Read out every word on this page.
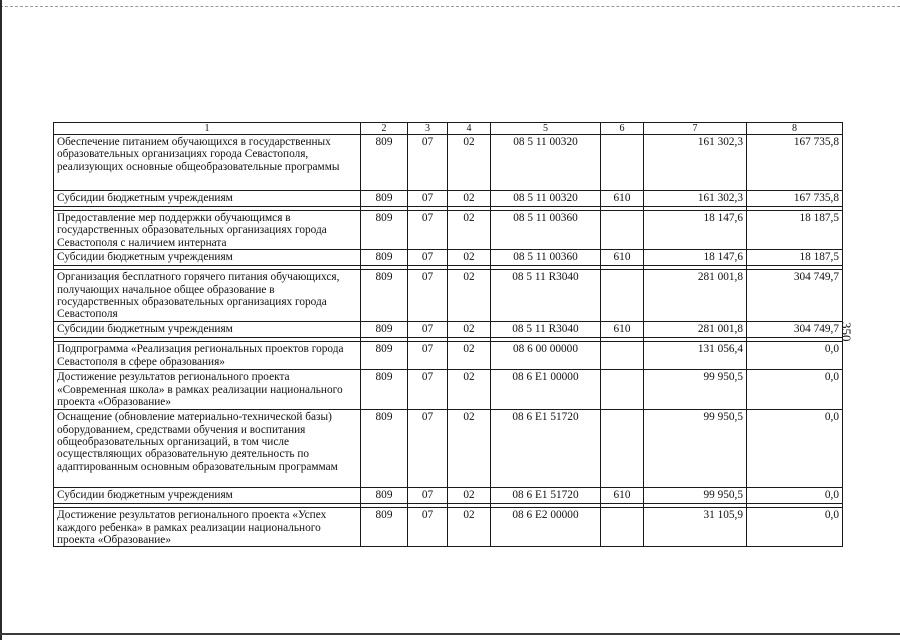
350
1	2	3	4	5	6	7	8
Обеспечение питанием обучающихся в государственных образовательных организациях города Севастополя, реализующих основные общеобразовательные программы	809	07	02	08 5 11 00320		161 302,3	167 735,8
Субсидии бюджетным учреждениям	809	07	02	08 5 11 00320	610	161 302,3	167 735,8

Предоставление мер поддержки обучающимся в государственных образовательных организациях города Севастополя с наличием интерната	809	07	02	08 5 11 00360		18 147,6	18 187,5
Субсидии бюджетным учреждениям	809	07	02	08 5 11 00360	610	18 147,6	18 187,5

Организация бесплатного горячего питания обучающихся, получающих начальное общее образование в государственных образовательных организациях города Севастополя	809	07	02	08 5 11 R3040		281 001,8	304 749,7
Субсидии бюджетным учреждениям	809	07	02	08 5 11 R3040	610	281 001,8	304 749,7

Подпрограмма «Реализация региональных проектов города Севастополя в сфере образования»	809	07	02	08 6 00 00000		131 056,4	0,0
Достижение результатов регионального проекта «Современная школа» в рамках реализации национального проекта «Образование»	809	07	02	08 6 E1 00000		99 950,5	0,0
Оснащение (обновление материально-технической базы) оборудованием, средствами обучения и воспитания общеобразовательных организаций, в том числе осуществляющих образовательную деятельность по адаптированным основным образовательным программам	809	07	02	08 6 E1 51720		99 950,5	0,0
Субсидии бюджетным учреждениям	809	07	02	08 6 E1 51720	610	99 950,5	0,0

Достижение результатов регионального проекта «Успех каждого ребенка» в рамках реализации национального проекта «Образование»	809	07	02	08 6 E2 00000		31 105,9	0,0
